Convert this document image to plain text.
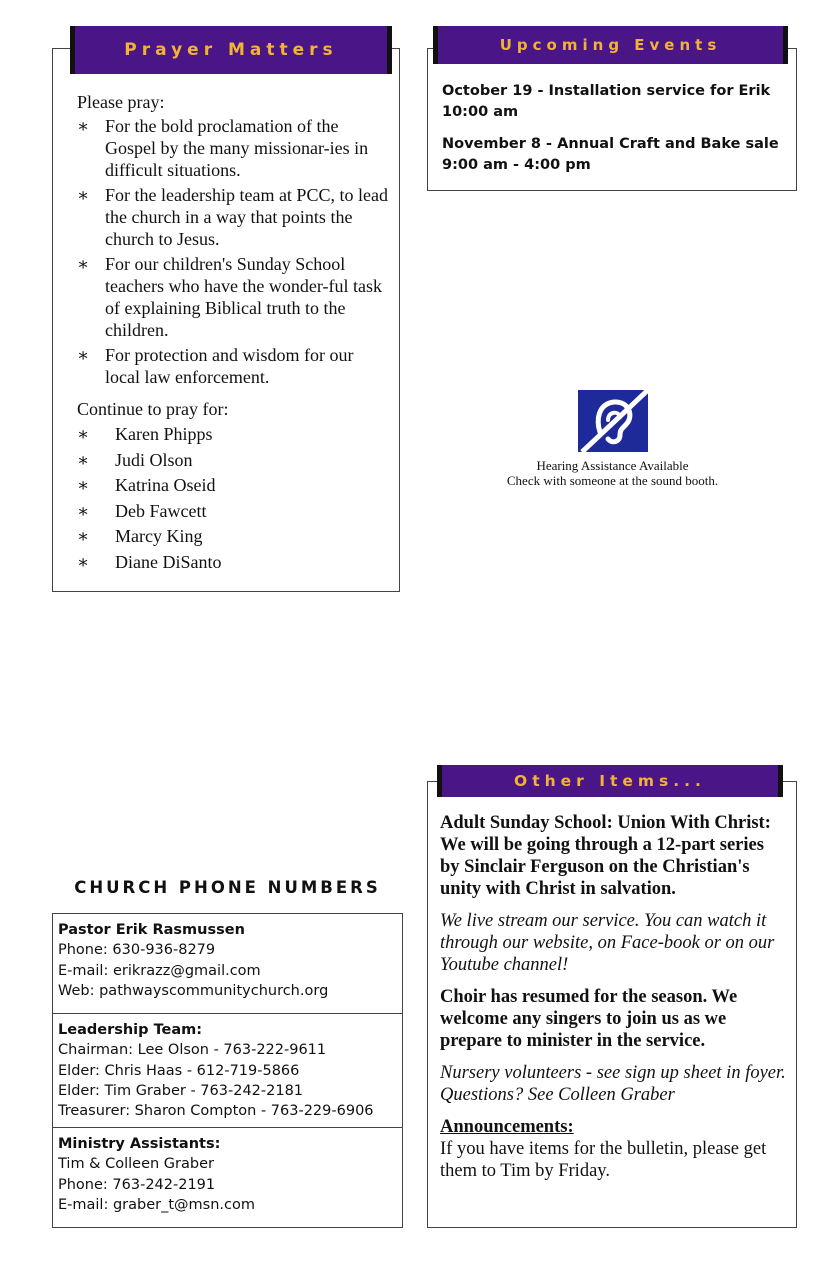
Please pray:
∗ For the bold proclamation of the Gospel by the many missionar-ies in difficult situations.
∗ For the leadership team at PCC, to lead the church in a way that points the church to Jesus.
∗ For our children's Sunday School teachers who have the wonder-ful task of explaining Biblical truth to the children.
∗ For protection and wisdom for our local law enforcement.
Continue to pray for:
∗ Karen Phipps
∗ Judi Olson
∗ Katrina Oseid
∗ Deb Fawcett
∗ Marcy King
∗ Diane DiSanto
Prayer Matters
October 19 - Installation service for Erik
10:00 am
November 8 - Annual Craft and Bake sale
9:00 am - 4:00 pm
Upcoming Events
Hearing Assistance Available
Check with someone at the sound booth.
CHURCH PHONE NUMBERS
Pastor Erik Rasmussen
Phone: 630-936-8279
E-mail: erikrazz@gmail.com
Web: pathwayscommunitychurch.org
Leadership Team:
Chairman: Lee Olson - 763-222-9611
Elder: Chris Haas - 612-719-5866
Elder: Tim Graber - 763-242-2181
Treasurer: Sharon Compton - 763-229-6906
Ministry Assistants:
Tim & Colleen Graber
Phone: 763-242-2191
E-mail: graber_t@msn.com

Adult Sunday School: Union With Christ: We will be going through a 12-part series by Sinclair Ferguson on the Christian's unity with Christ in salvation.

We live stream our service. You can watch it through our website, on Face-book or on our Youtube channel!

Choir has resumed for the season. We welcome any singers to join us as we prepare to minister in the service.

Nursery volunteers - see sign up sheet in foyer. Questions? See Colleen Graber

Announcements:
If you have items for the bulletin, please get them to Tim by Friday.
Other Items...
